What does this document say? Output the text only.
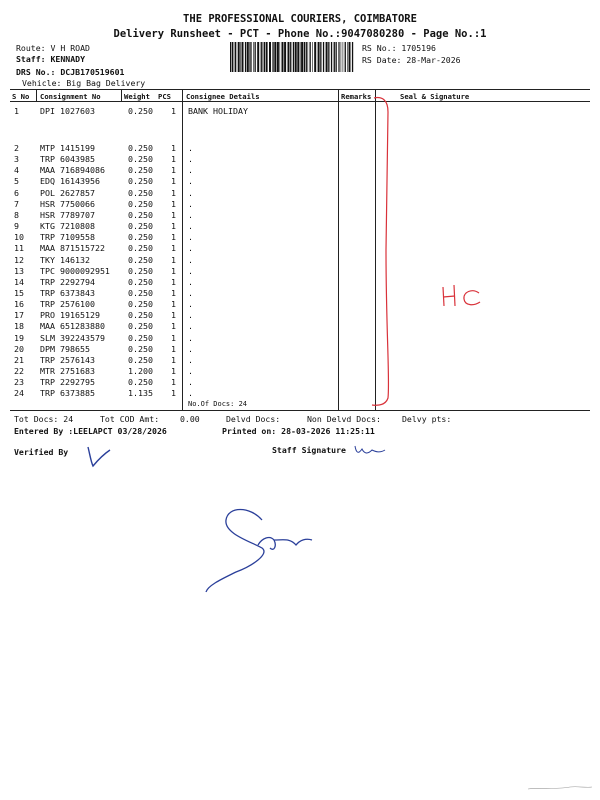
THE PROFESSIONAL COURIERS, COIMBATORE
Delivery Runsheet - PCT - Phone No.:9047080280 - Page No.:1
Route: V H ROAD
Staff: KENNADY
DRS No.: DCJB170519601
Vehicle: Big Bag Delivery
RS No.: 1705196
RS Date: 28-Mar-2026
S No Consignment No	Weight PCS Consignee Details	Remarks	Seal & Signature
1	DPI 1027603	0.250 1 BANK HOLIDAY
2	MTP 1415199	0.250 1 .
3	TRP 6043985	0.250 1 .
4	MAA 716894086	0.250 1 .
5	EDQ 16143956	0.250 1 .
6	POL 2627857	0.250 1 .
7	HSR 7750066	0.250 1 .
8	HSR 7789707	0.250 1 .
9	KTG 7210808	0.250 1 .
10 TRP 7109558	0.250 1 .
11 MAA 871515722	0.250 1 .
12 TKY 146132	0.250 1 .
13 TPC 9000092951 0.250 1 .
14 TRP 2292794	0.250 1 .
15 TRP 6373843	0.250 1 .
16 TRP 2576100	0.250 1 .
17 PRO 19165129	0.250 1 .
18 MAA 651283880	0.250 1 .
19 SLM 392243579	0.250 1 .
20 DPM 798655	0.250 1 .
21 TRP 2576143	0.250 1 .
22 MTR 2751683	1.200 1 .
23 TRP 2292795	0.250 1 .
24 TRP 6373885	1.135 1 .
No.Of Docs: 24
Tot Docs: 24	Tot COD Amt:	0.00	Delvd Docs:	Non Delvd Docs:	Delvy pts:
Entered By :LEELAPCT 03/28/2026	Printed on: 28-03-2026 11:25:11
Verified By	Staff Signature
